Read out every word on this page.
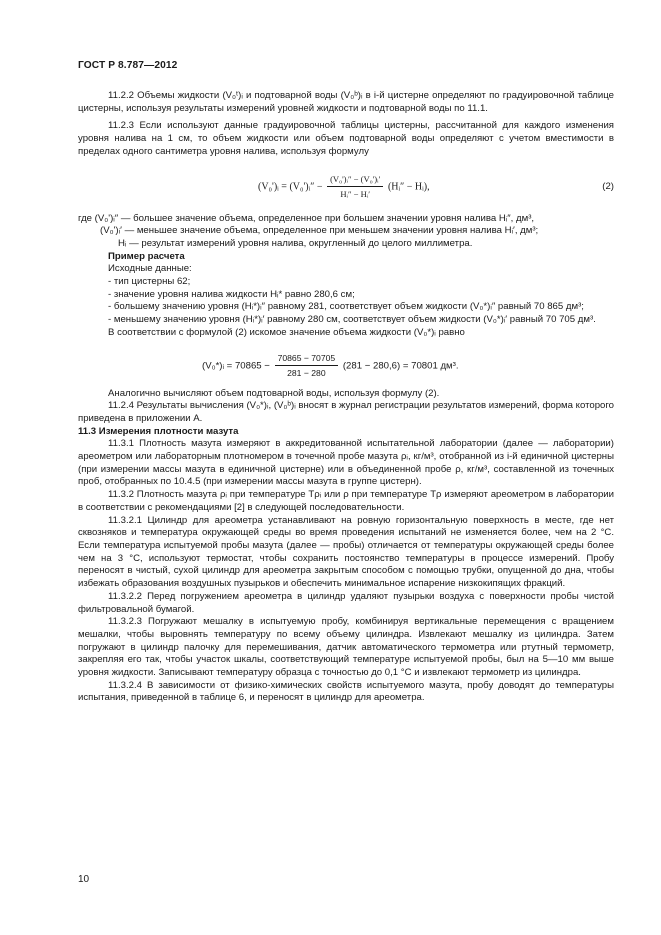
ГОСТ Р 8.787—2012

11.2.2 Объемы жидкости (V₀ᵗ)ᵢ и подтоварной воды (V₀ᵇ)ᵢ в i-й цистерне определяют по градуировочной таблице цистерны, используя результаты измерений уровней жидкости и подтоварной воды по 11.1.

11.2.3 Если используют данные градуировочной таблицы цистерны, рассчитанной для каждого изменения уровня налива на 1 см, то объем жидкости или объем подтоварной воды определяют с учетом вместимости в пределах одного сантиметра уровня налива, используя формулу

(V₀')ᵢ = (V₀')ᵢ″ − $\frac{\text{(V₀')ᵢ″ − (V₀')ᵢ′}}{\text{Hᵢ″ − Hᵢ′}}$ (Hᵢ″ − Hᵢ),	(2)

где (V₀')ᵢ″ — большее значение объема, определенное при большем значении уровня налива Hᵢ″, дм³,

(V₀')ᵢ′ — меньшее значение объема, определенное при меньшем значении уровня налива Hᵢ′, дм³;

Hᵢ — результат измерений уровня налива, округленный до целого миллиметра.

Пример расчета

Исходные данные:

- тип цистерны 62;

- значение уровня налива жидкости Hᵢ* равно 280,6 см;

- большему значению уровня (Hᵢ*)ᵢ″ равному 281, соответствует объем жидкости (V₀*)ᵢ″ равный 70 865 дм³;

- меньшему значению уровня (Hᵢ*)ᵢ′ равному 280 см, соответствует объем жидкости (V₀*)ᵢ′ равный 70 705 дм³.

В соответствии с формулой (2) искомое значение объема жидкости (V₀*)ᵢ равно

(V₀*)ᵢ = $70865 - \frac{70865 - 70705}{281 - 280} (281 - 280,6) = 70801$ дм³.

Аналогично вычисляют объем подтоварной воды, используя формулу (2).

11.2.4 Результаты вычисления (V₀*)ᵢ, (V₀ᵇ)ᵢ вносят в журнал регистрации результатов измерений, форма которого приведена в приложении А.

11.3 Измерения плотности мазута

11.3.1 Плотность мазута измеряют в аккредитованной испытательной лаборатории (далее — лаборатории) ареометром или лабораторным плотномером в точечной пробе мазута ρᵢ, кг/м³, отобранной из i-й единичной цистерны (при измерении массы мазута в единичной цистерне) или в объединенной пробе ρ, кг/м³, составленной из точечных проб, отобранных по 10.4.5 (при измерении массы мазута в группе цистерн).

11.3.2 Плотность мазута ρᵢ при температуре Tρᵢ или ρ при температуре Tρ измеряют ареометром в лаборатории в соответствии с рекомендациями [2] в следующей последовательности.

11.3.2.1 Цилиндр для ареометра устанавливают на ровную горизонтальную поверхность в месте, где нет сквозняков и температура окружающей среды во время проведения испытаний не изменяется более, чем на 2 °С. Если температура испытуемой пробы мазута (далее — пробы) отличается от температуры окружающей среды более чем на 3 °С, используют термостат, чтобы сохранить постоянство температуры в процессе измерений. Пробу переносят в чистый, сухой цилиндр для ареометра закрытым способом с помощью трубки, опущенной до дна, чтобы избежать образования воздушных пузырьков и обеспечить минимальное испарение низкокипящих фракций.

11.3.2.2 Перед погружением ареометра в цилиндр удаляют пузырьки воздуха с поверхности пробы чистой фильтровальной бумагой.

11.3.2.3 Погружают мешалку в испытуемую пробу, комбинируя вертикальные перемещения с вращением мешалки, чтобы выровнять температуру по всему объему цилиндра. Извлекают мешалку из цилиндра. Затем погружают в цилиндр палочку для перемешивания, датчик автоматического термометра или ртутный термометр, закрепляя его так, чтобы участок шкалы, соответствующий температуре испытуемой пробы, был на 5—10 мм выше уровня жидкости. Записывают температуру образца с точностью до 0,1 °С и извлекают термометр из цилиндра.

11.3.2.4 В зависимости от физико-химических свойств испытуемого мазута, пробу доводят до температуры испытания, приведенной в таблице 6, и переносят в цилиндр для ареометра.

10
